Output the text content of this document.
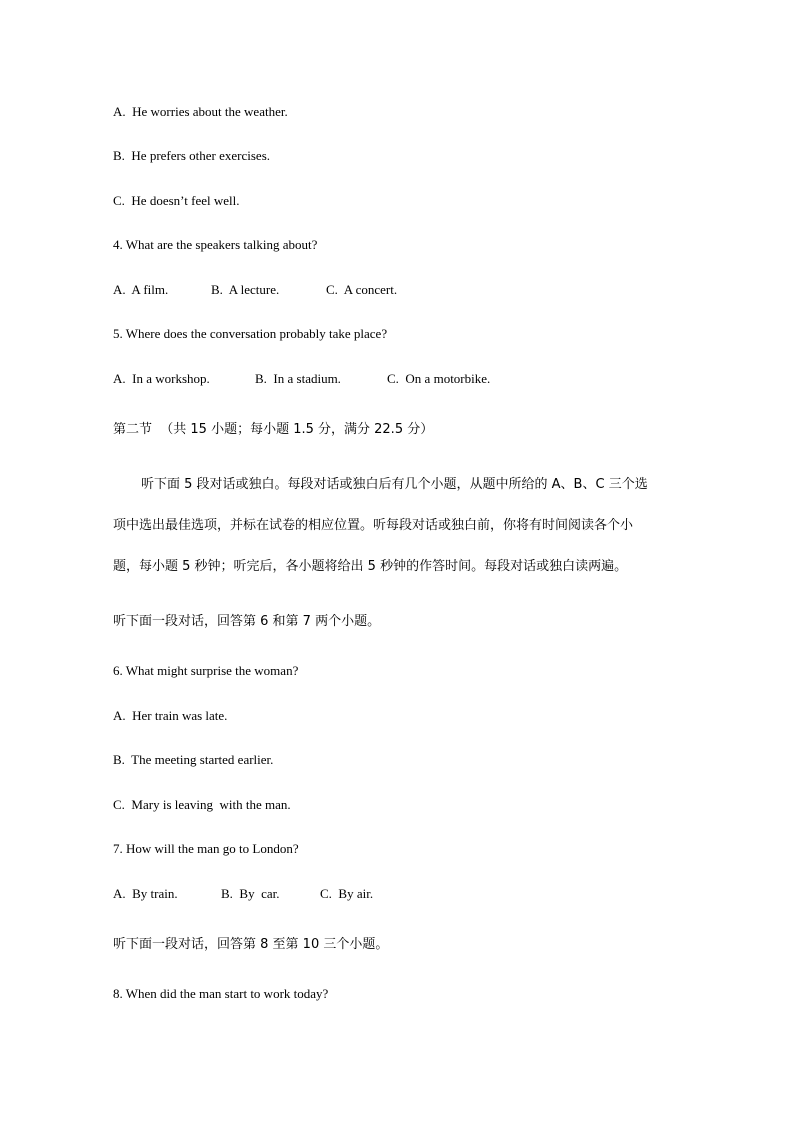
A.  He worries about the weather.
B.  He prefers other exercises.
C.  He doesn’t feel well.
4. What are the speakers talking about?

A.  A film.

	B.  A lecture.

	C.  A concert.

5. Where does the conversation probably take place?

A.  In a workshop.

	B.  In a stadium.

	C.  On a motorbike.

第二节  （共 15 小题；每小题 1.5 分，满分 22.5 分）
听下面 5 段对话或独白。每段对话或独白后有几个小题，从题中所给的 A、B、C 三个选
项中选出最佳选项，并标在试卷的相应位置。听每段对话或独白前，你将有时间阅读各个小
题，每小题 5 秒钟；听完后，各小题将给出 5 秒钟的作答时间。每段对话或独白读两遍。
听下面一段对话，回答第 6 和第 7 两个小题。
6. What might surprise the woman?
A.  Her train was late.
B.  The meeting started earlier.
C.  Mary is leaving  with the man.
7. How will the man go to London?

A.  By train.

	B.  By  car.

	C.  By air.

听下面一段对话，回答第 8 至第 10 三个小题。
8. When did the man start to work today?
